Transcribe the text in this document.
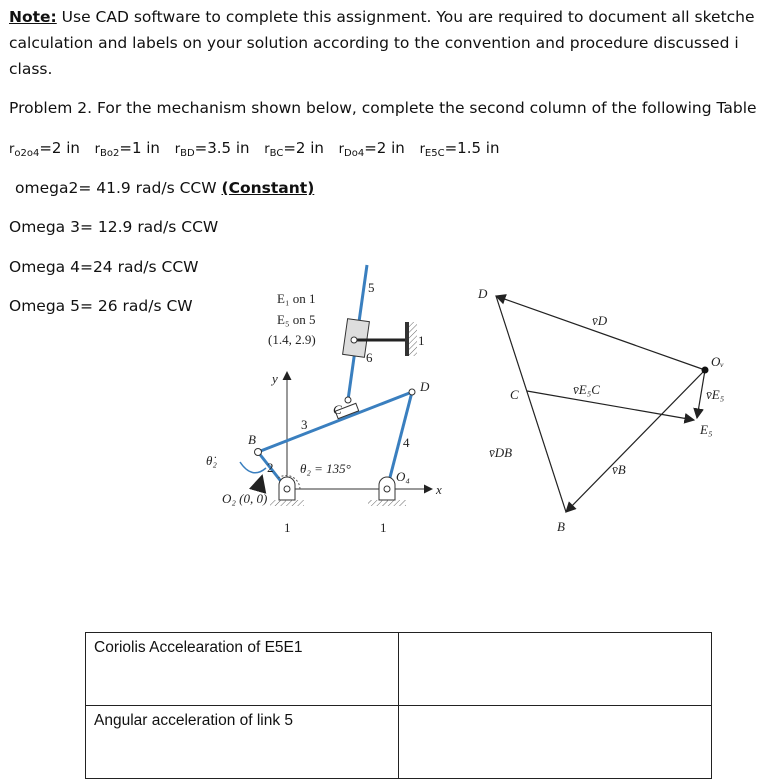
Note: Use CAD software to complete this assignment. You are required to document all sketche
calculation and labels on your solution according to the convention and procedure discussed i
class.
Problem 2. For the mechanism shown below, complete the second column of the following Table
$r_{o2o4}=2$ in $r_{Bo2}=1$ in $r_{BD}=3.5$ in $r_{BC}=2$ in $r_{Do4}=2$ in $r_{E5C}=1.5$ in
omega2= 41.9 rad/s CCW (Constant)
Omega 3= 12.9 rad/s CCW
Omega 4=24 rad/s CCW
Omega 5= 26 rad/s CW	E₁ on 1
E₅ on 5
(1.4, 2.9)
y
x
B
C
D
3
4
5
6
2
1
1	1
θ̇₂
θ₂ = 135°
O₂ (0, 0)
O₄
D
C
B
Oᵥ
E₅
v̄D
v̄E₅C	v̄E₅
v̄B
v̄DB
Coriolis Accelearation of E5E1	
Angular acceleration of link 5	
